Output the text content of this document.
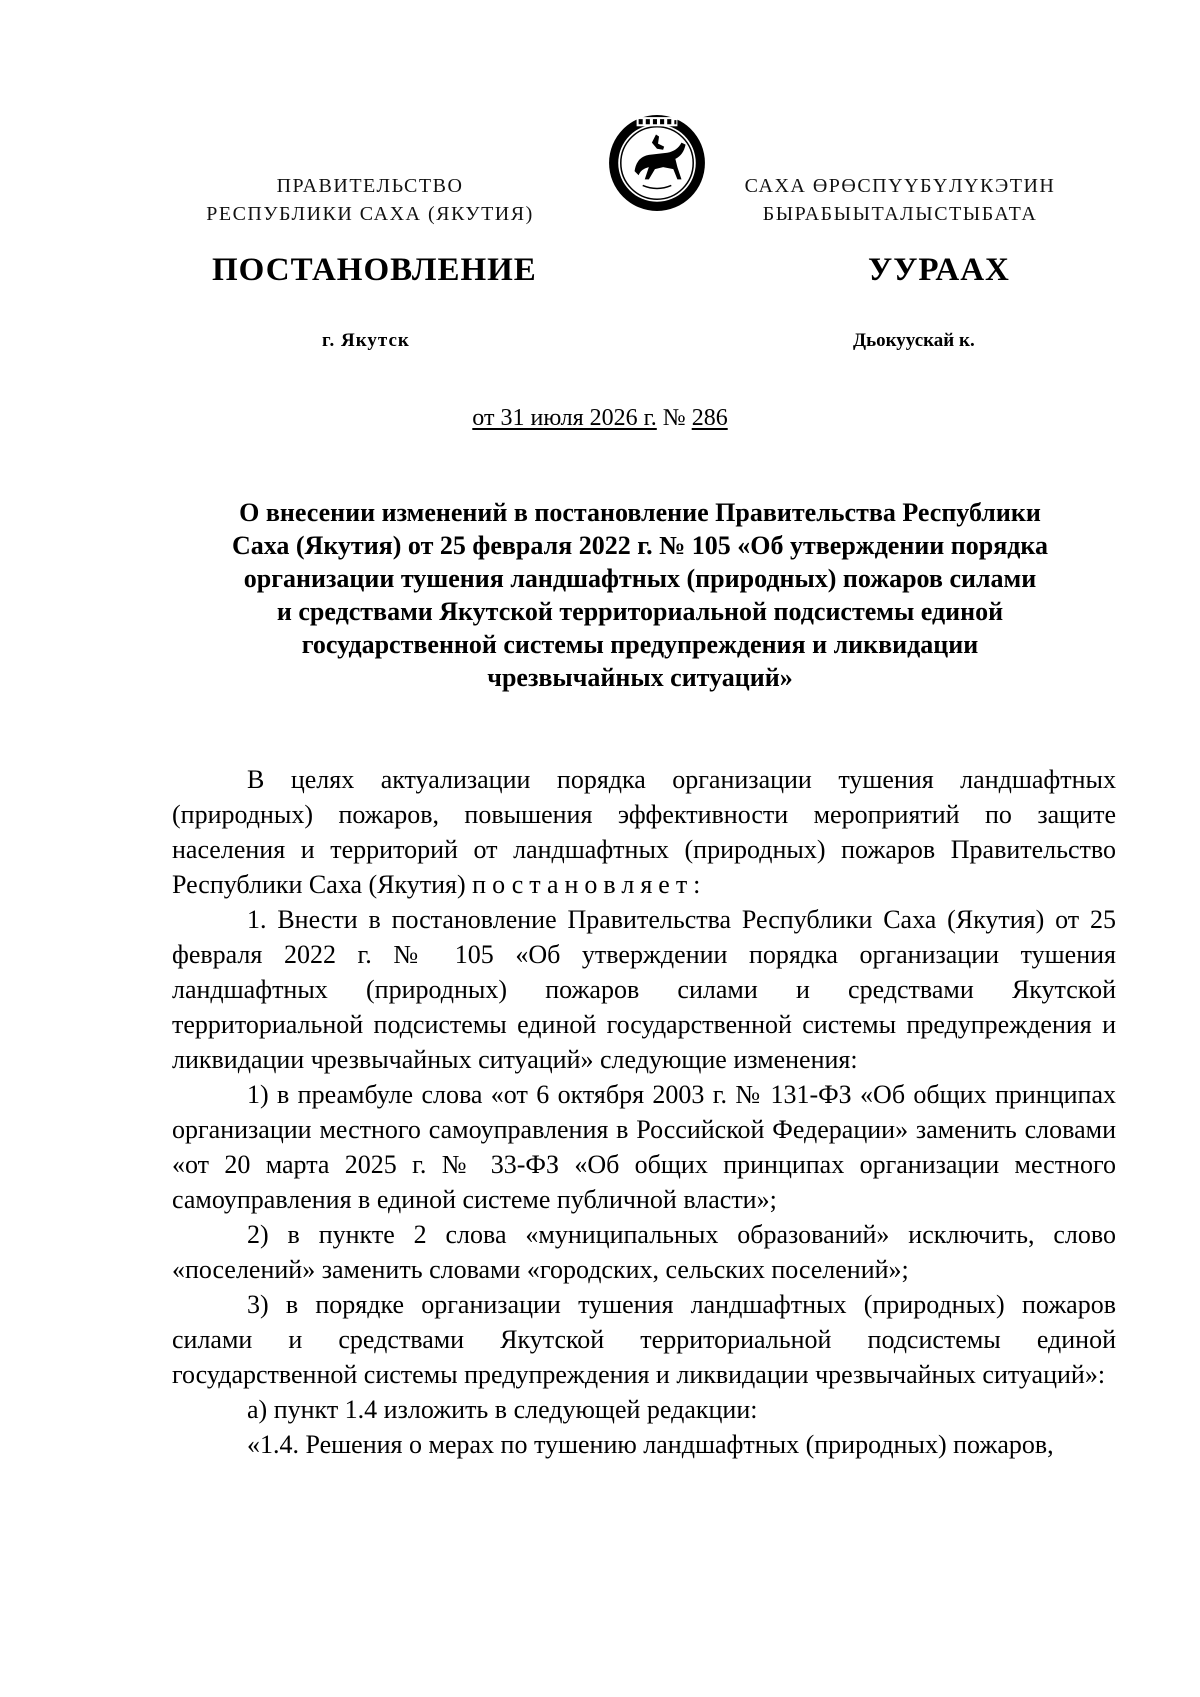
ПРАВИТЕЛЬСТВО
РЕСПУБЛИКИ САХА (ЯКУТИЯ)
САХА ӨРӨСПҮҮБҮЛҮКЭТИН
БЫРАБЫЫТАЛЫСТЫБАТА
ПОСТАНОВЛЕНИЕ	УУРААХ
г. Якутск	Дьокуускай к.
от 31 июля 2026 г. № 286
О внесении изменений в постановление Правительства Республики
Саха (Якутия) от 25 февраля 2022 г. № 105 «Об утверждении порядка
организации тушения ландшафтных (природных) пожаров силами
и средствами Якутской территориальной подсистемы единой
государственной системы предупреждения и ликвидации
чрезвычайных ситуаций»

В целях актуализации порядка организации тушения ландшафтных (природных) пожаров, повышения эффективности мероприятий по защите населения и территорий от ландшафтных (природных) пожаров Правительство Республики Саха (Якутия) постановляет:

1. Внести в постановление Правительства Республики Саха (Якутия) от 25 февраля 2022 г. № 105 «Об утверждении порядка организации тушения ландшафтных (природных) пожаров силами и средствами Якутской территориальной подсистемы единой государственной системы предупреждения и ликвидации чрезвычайных ситуаций» следующие изменения:

1) в преамбуле слова «от 6 октября 2003 г. № 131-ФЗ «Об общих принципах организации местного самоуправления в Российской Федерации» заменить словами «от 20 марта 2025 г. № 33-ФЗ «Об общих принципах организации местного самоуправления в единой системе публичной власти»;

2) в пункте 2 слова «муниципальных образований» исключить, слово «поселений» заменить словами «городских, сельских поселений»;

3) в порядке организации тушения ландшафтных (природных) пожаров силами и средствами Якутской территориальной подсистемы единой государственной системы предупреждения и ликвидации чрезвычайных ситуаций»:

а) пункт 1.4 изложить в следующей редакции:

«1.4. Решения о мерах по тушению ландшафтных (природных) пожаров,
